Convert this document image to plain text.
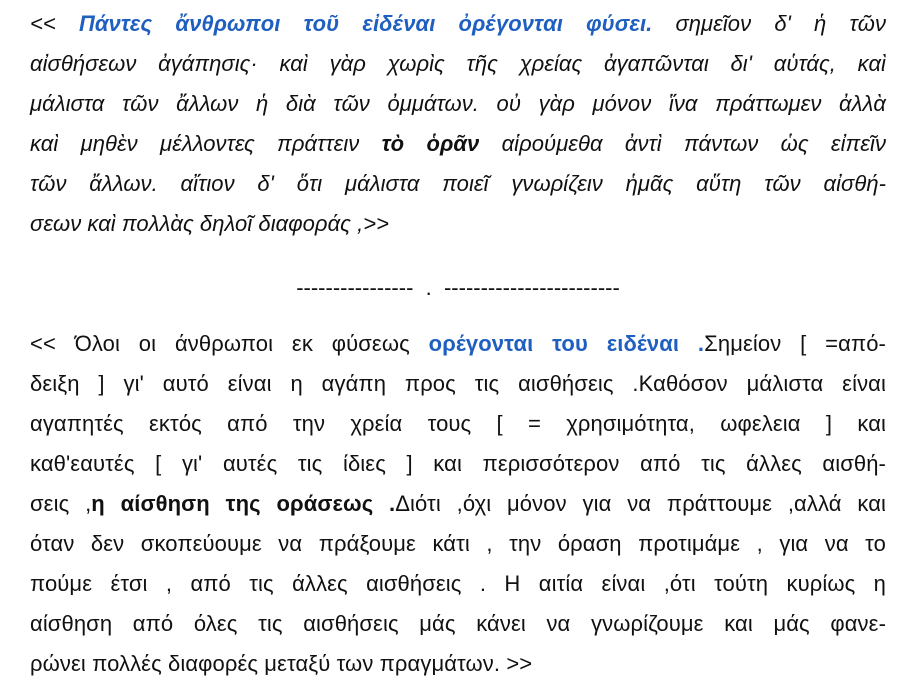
<< Πάντες ἄνθρωποι τοῦ εἰδέναι ὀρέγονται φύσει. σημεῖον δ' ἡ τῶν
αἰσθήσεων ἀγάπησις· καὶ γὰρ χωρὶς τῆς χρείας ἀγαπῶνται δι' αὑτάς, καὶ
μάλιστα τῶν ἄλλων ἡ διὰ τῶν ὀμμάτων. οὐ γὰρ μόνον ἵνα πράττωμεν ἀλλὰ
καὶ μηθὲν μέλλοντες πράττειν τὸ ὁρᾶν αἱρούμεθα ἀντὶ πάντων ὡς εἰπεῖν
τῶν ἄλλων. αἴτιον δ' ὅτι μάλιστα ποιεῖ γνωρίζειν ἡμᾶς αὕτη τῶν αἰσθή-
σεων καὶ πολλὰς δηλοῖ διαφοράς ,>>
----------------  .  ------------------------
<< Όλοι οι άνθρωποι εκ φύσεως ορέγονται του ειδέναι .Σημείον [ =από-
δειξη ] γι' αυτό είναι η αγάπη προς τις αισθήσεις .Καθόσον μάλιστα είναι
αγαπητές εκτός από την χρεία τους [ = χρησιμότητα, ωφελεια ] και
καθ'εαυτές [ γι' αυτές τις ίδιες ] και περισσότερον από τις άλλες αισθή-
σεις ,η αίσθηση της οράσεως .Διότι ,όχι μόνον για να πράττουμε ,αλλά και
όταν δεν σκοπεύουμε να πράξουμε κάτι , την όραση προτιμάμε , για να το
πούμε έτσι , από τις άλλες αισθήσεις . Η αιτία είναι ,ότι τούτη κυρίως η
αίσθηση από όλες τις αισθήσεις μάς κάνει να γνωρίζουμε και μάς φανε-
ρώνει πολλές διαφορές μεταξύ των πραγμάτων. >>
